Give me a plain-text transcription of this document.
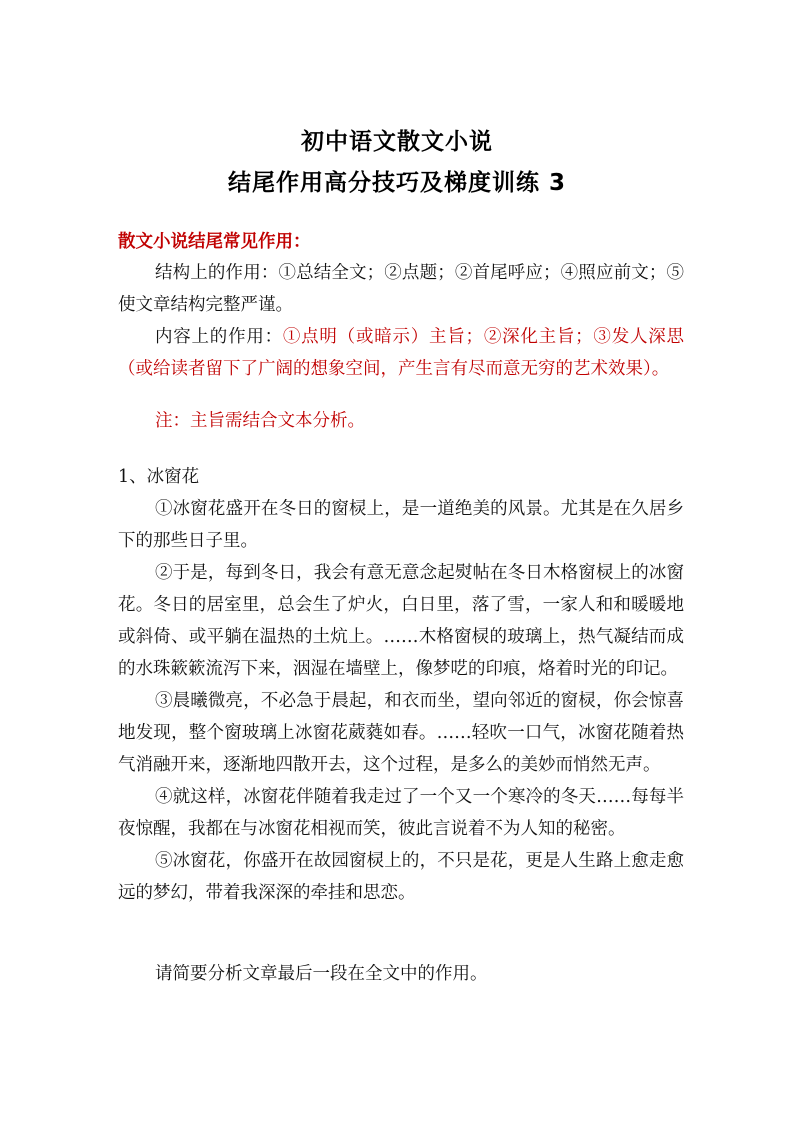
初中语文散文小说
结尾作用高分技巧及梯度训练 3
散文小说结尾常见作用：

结构上的作用：①总结全文；②点题；②首尾呼应；④照应前文；⑤使文章结构完整严谨。

内容上的作用：①点明（或暗示）主旨；②深化主旨；③发人深思（或给读者留下了广阔的想象空间，产生言有尽而意无穷的艺术效果）。

注：主旨需结合文本分析。

1、冰窗花

①冰窗花盛开在冬日的窗棂上，是一道绝美的风景。尤其是在久居乡下的那些日子里。

②于是，每到冬日，我会有意无意念起熨帖在冬日木格窗棂上的冰窗花。冬日的居室里，总会生了炉火，白日里，落了雪，一家人和和暖暖地或斜倚、或平躺在温热的土炕上。……木格窗棂的玻璃上，热气凝结而成的水珠簌簌流泻下来，洇湿在墙壁上，像梦呓的印痕，烙着时光的印记。

③晨曦微亮，不必急于晨起，和衣而坐，望向邻近的窗棂，你会惊喜地发现，整个窗玻璃上冰窗花葳蕤如春。……轻吹一口气，冰窗花随着热气消融开来，逐渐地四散开去，这个过程，是多么的美妙而悄然无声。

④就这样，冰窗花伴随着我走过了一个又一个寒冷的冬天……每每半夜惊醒，我都在与冰窗花相视而笑，彼此言说着不为人知的秘密。

⑤冰窗花，你盛开在故园窗棂上的，不只是花，更是人生路上愈走愈远的梦幻，带着我深深的牵挂和思恋。

请简要分析文章最后一段在全文中的作用。
